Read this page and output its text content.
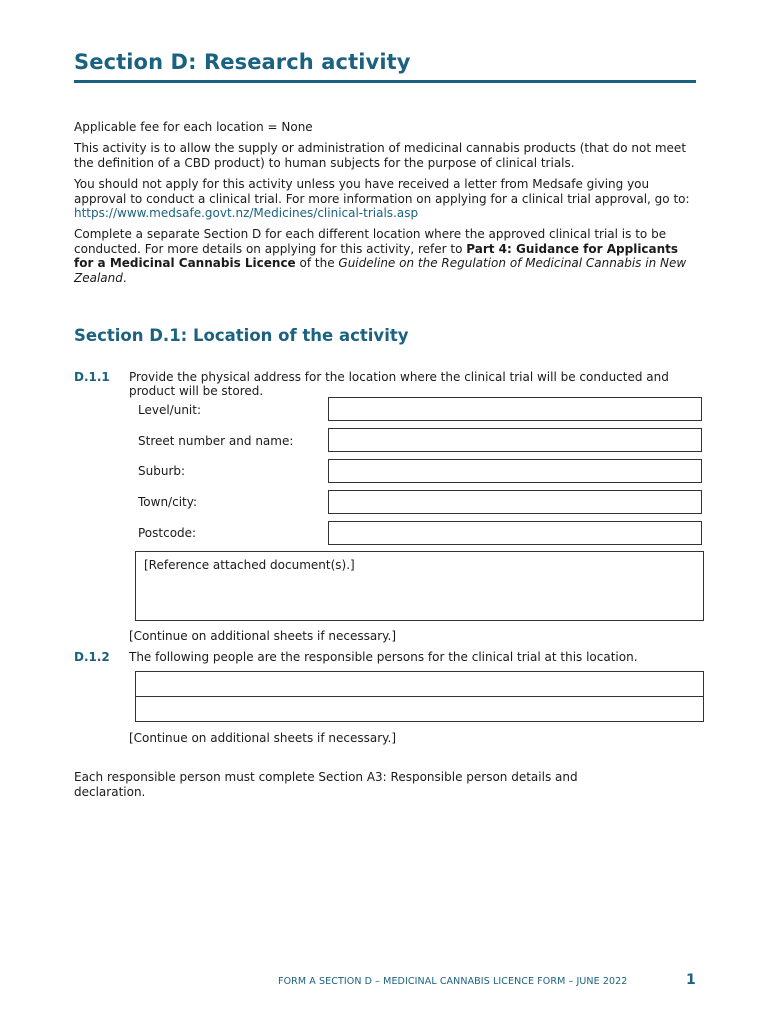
Section D: Research activity
Applicable fee for each location = None
This activity is to allow the supply or administration of medicinal cannabis products (that do not meet the definition of a CBD product) to human subjects for the purpose of clinical trials.
You should not apply for this activity unless you have received a letter from Medsafe giving you approval to conduct a clinical trial. For more information on applying for a clinical trial approval, go to: https://www.medsafe.govt.nz/Medicines/clinical-trials.asp
Complete a separate Section D for each different location where the approved clinical trial is to be conducted. For more details on applying for this activity, refer to Part 4: Guidance for Applicants for a Medicinal Cannabis Licence of the Guideline on the Regulation of Medicinal Cannabis in New Zealand.
Section D.1: Location of the activity
D.1.1 Provide the physical address for the location where the clinical trial will be conducted and product will be stored.
Level/unit:
Street number and name:
Suburb:
Town/city:
Postcode:
[Reference attached document(s).]
[Continue on additional sheets if necessary.]
D.1.2 The following people are the responsible persons for the clinical trial at this location.
[Continue on additional sheets if necessary.]
Each responsible person must complete Section A3: Responsible person details and declaration.
FORM A SECTION D – MEDICINAL CANNABIS LICENCE FORM – JUNE 2022	1
